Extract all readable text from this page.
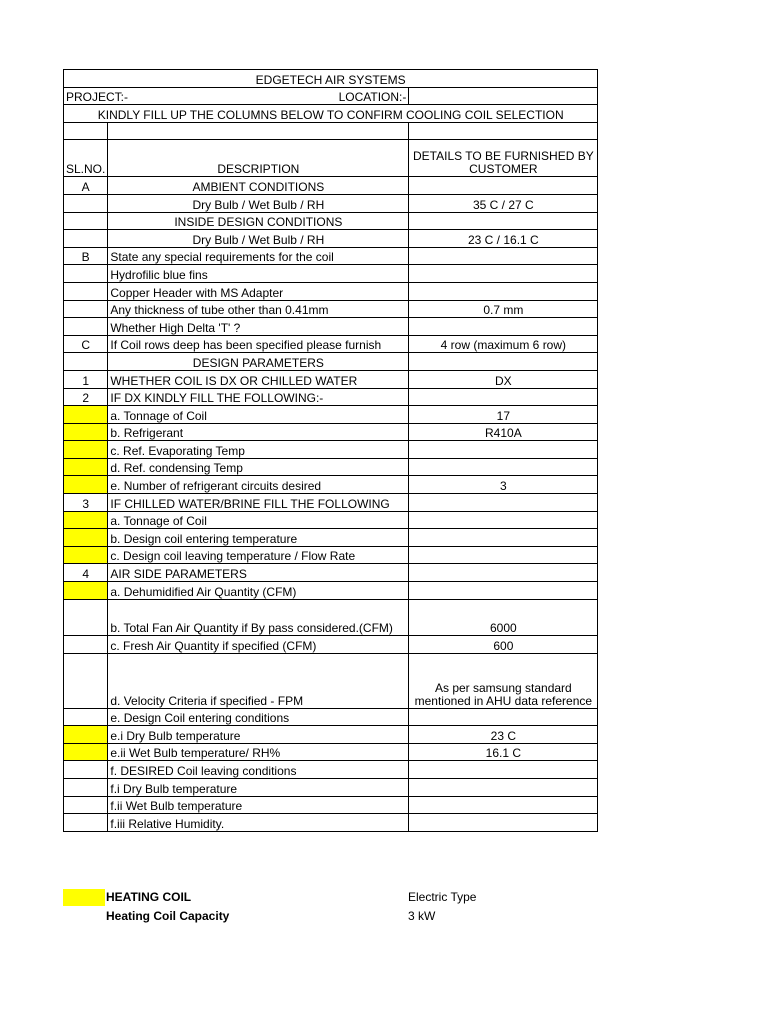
EDGETECH AIR SYSTEMS		

PROJECT:- LOCATION:-		

KINDLY FILL UP THE COLUMNS BELOW TO CONFIRM COOLING COIL SELECTION		

SL.NO.	DESCRIPTION	DETAILS TO BE FURNISHED BY CUSTOMER
A	AMBIENT CONDITIONS	
	Dry Bulb / Wet Bulb / RH	35 C / 27 C
	INSIDE DESIGN CONDITIONS	
	Dry Bulb / Wet Bulb / RH	23 C / 16.1 C
B	State any special requirements for the coil	
	Hydrofilic blue fins	
	Copper Header with MS Adapter	
	Any thickness of tube other than 0.41mm	0.7 mm
	Whether High Delta 'T' ?	
C	If Coil rows deep has been specified please furnish	4 row (maximum 6 row)
	DESIGN PARAMETERS	
1	WHETHER COIL IS DX OR CHILLED WATER	DX
2	IF DX KINDLY FILL THE FOLLOWING:-	
	a. Tonnage of Coil	17
	b. Refrigerant	R410A
	c. Ref. Evaporating Temp	
	d. Ref. condensing Temp	
	e. Number of refrigerant circuits desired	3
3	IF CHILLED WATER/BRINE FILL THE FOLLOWING	
	a. Tonnage of Coil	
	b. Design coil entering temperature	
	c. Design coil leaving temperature / Flow Rate	
4	AIR SIDE PARAMETERS	
	a. Dehumidified Air Quantity (CFM)	
	b. Total Fan Air Quantity if By pass considered.(CFM)	6000
	c. Fresh Air Quantity if specified (CFM)	600
	d. Velocity Criteria if specified - FPM	As per samsung standard mentioned in AHU data reference
	e. Design Coil entering conditions	
	e.i Dry Bulb temperature	23 C
	e.ii Wet Bulb temperature/ RH%	16.1 C
	f. DESIRED Coil leaving conditions	
	f.i Dry Bulb temperature	
	f.ii Wet Bulb temperature	
	f.iii Relative Humidity.	
HEATING COIL	Electric Type
Heating Coil Capacity	3 kW
